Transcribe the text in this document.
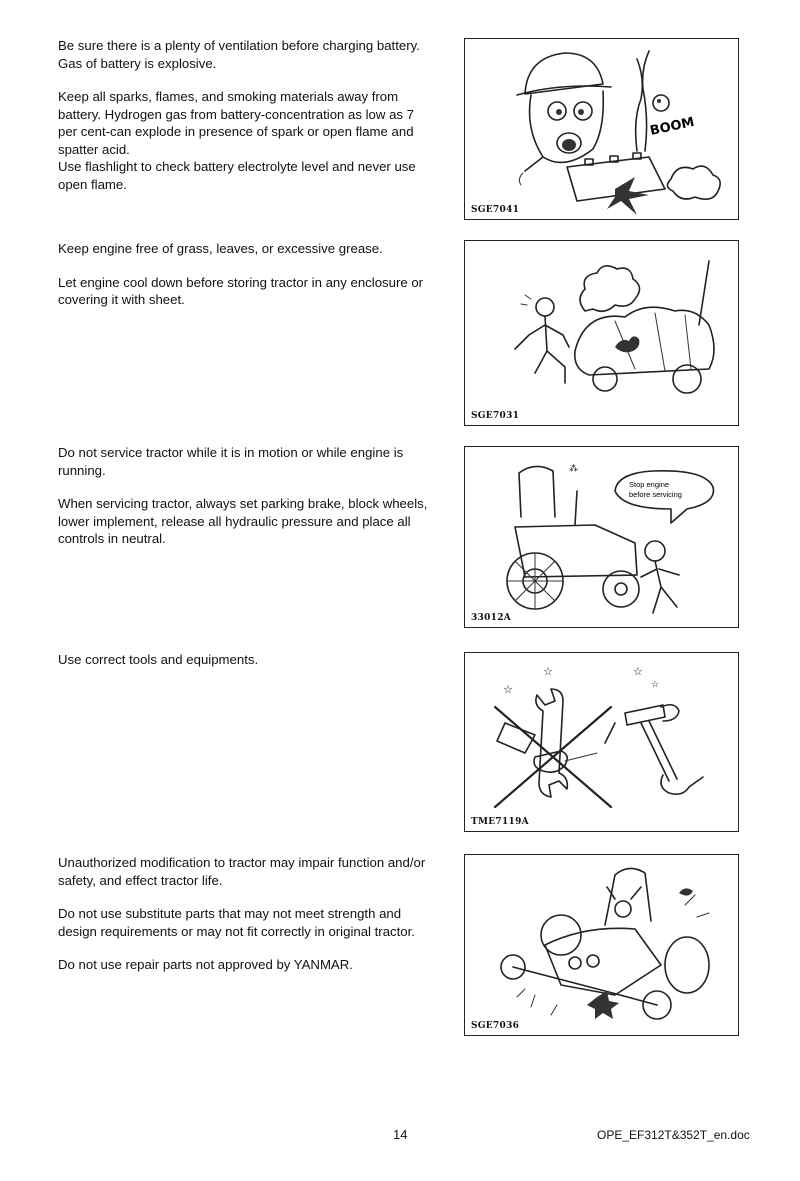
Be sure there is a plenty of ventilation before charging battery. Gas of battery is explosive.

Keep all sparks, flames, and smoking materials away from battery. Hydrogen gas from battery-concentration as low as 7 per cent-can explode in presence of spark or open flame and spatter acid.
Use flashlight to check battery electrolyte level and never use open flame.

BOOM
SGE7041

Keep engine free of grass, leaves, or excessive grease.

Let engine cool down before storing tractor in any enclosure or covering it with sheet.

SGE7031

Do not service tractor while it is in motion or while engine is running.

When servicing tractor, always set parking brake, block wheels, lower implement, release all hydraulic pressure and place all controls in neutral.

⁂
Stop engine
before servicing
33012A

Use correct tools and equipments.

☆
☆	☆
☆
TME7119A

Unauthorized modification to tractor may impair function and/or safety, and effect tractor life.

Do not use substitute parts that may not meet strength and design requirements or may not fit correctly in original tractor.

Do not use repair parts not approved by YANMAR.

SGE7036
14	OPE_EF312T&352T_en.doc
